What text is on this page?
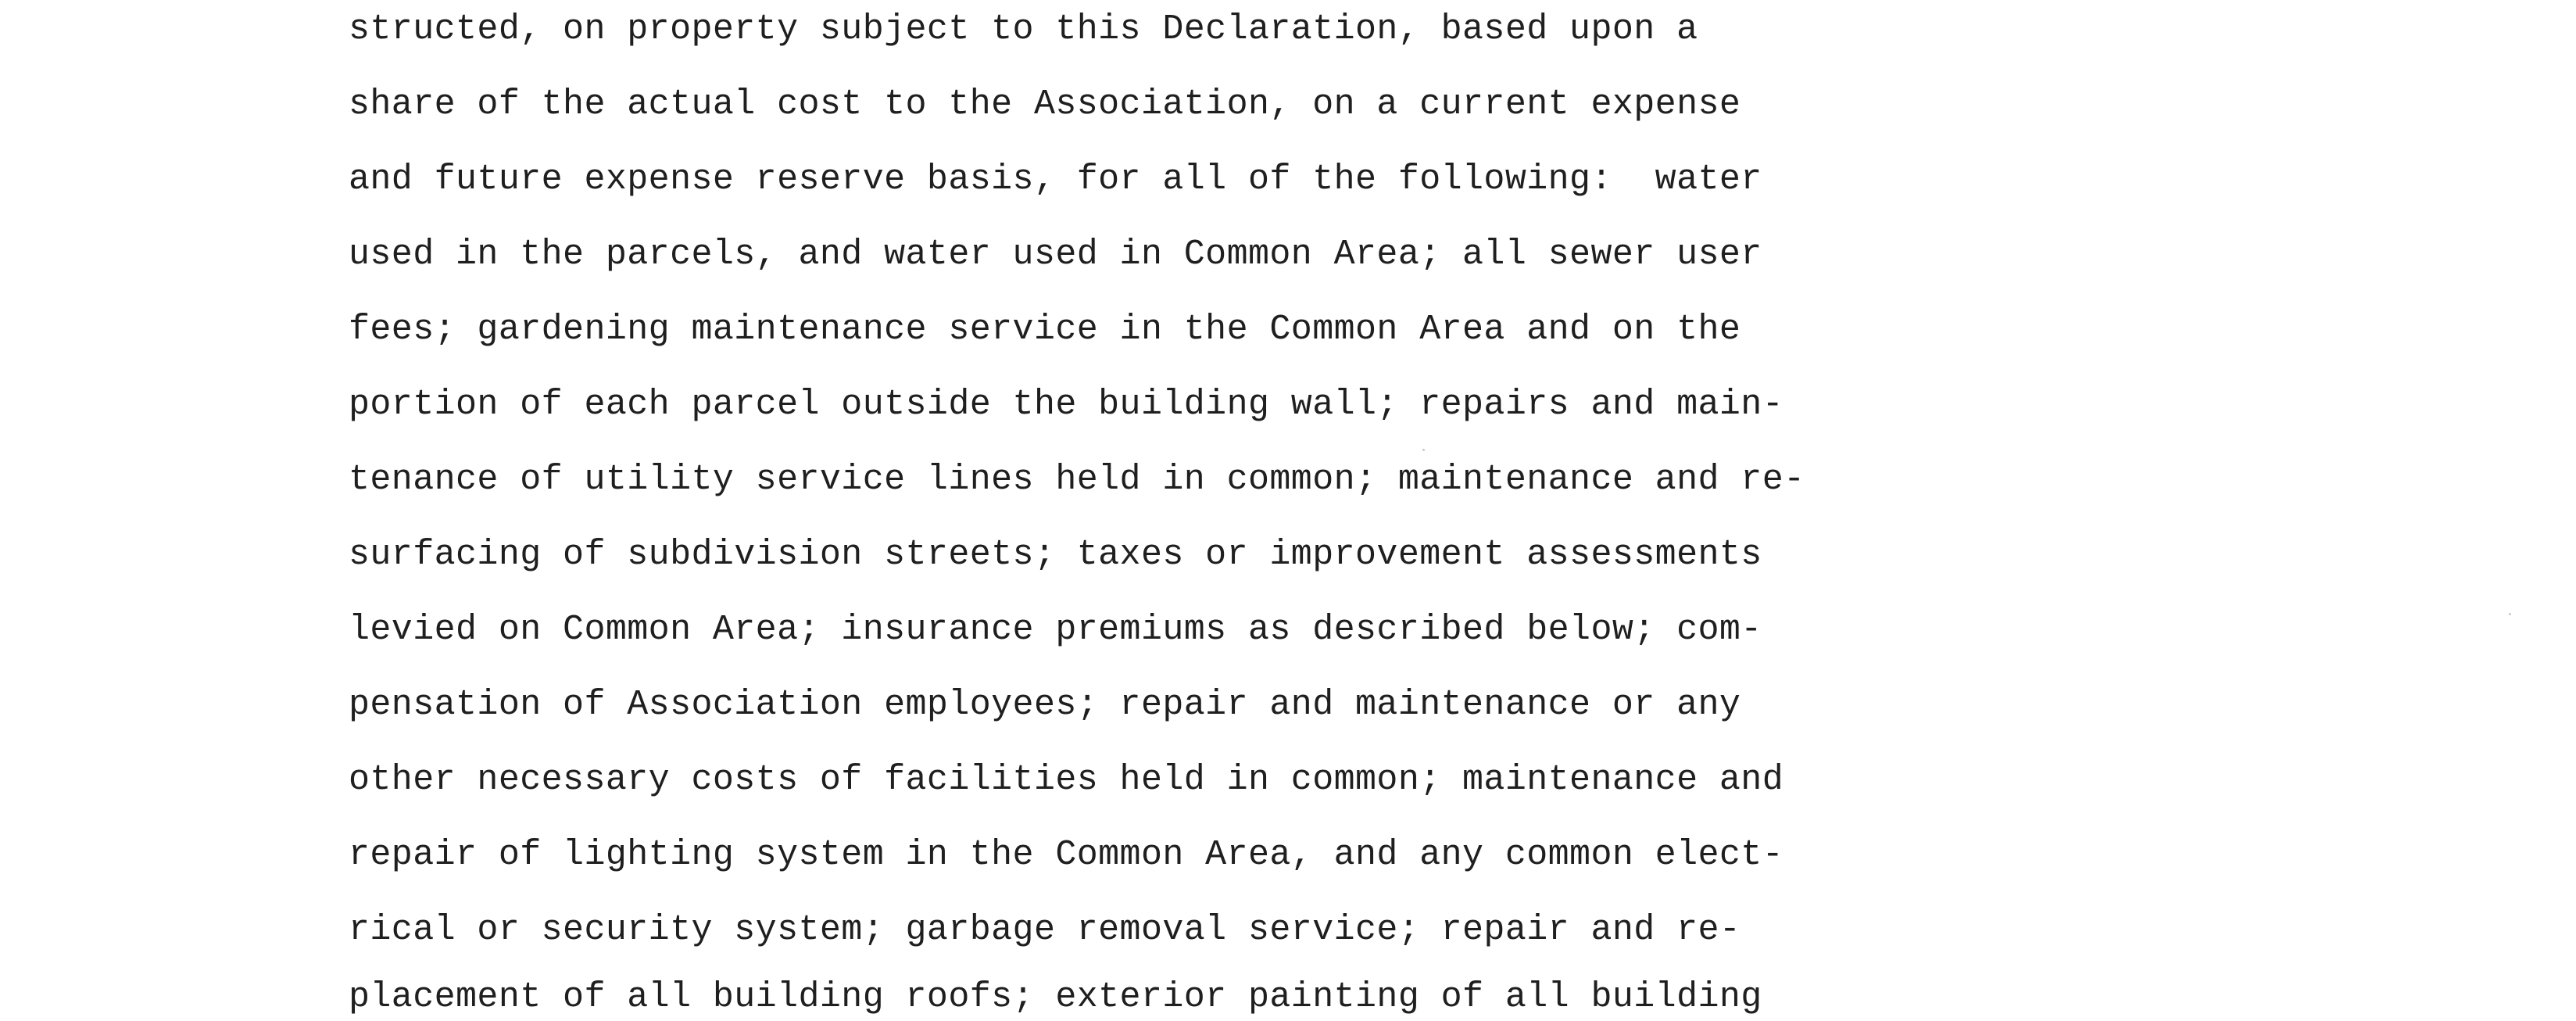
structed, on property subject to this Declaration, based upon a
share of the actual cost to the Association, on a current expense
and future expense reserve basis, for all of the following:  water
used in the parcels, and water used in Common Area; all sewer user
fees; gardening maintenance service in the Common Area and on the
portion of each parcel outside the building wall; repairs and main-
tenance of utility service lines held in common; maintenance and re-
surfacing of subdivision streets; taxes or improvement assessments
levied on Common Area; insurance premiums as described below; com-
pensation of Association employees; repair and maintenance or any
other necessary costs of facilities held in common; maintenance and
repair of lighting system in the Common Area, and any common elect-
rical or security system; garbage removal service; repair and re-
placement of all building roofs; exterior painting of all building
